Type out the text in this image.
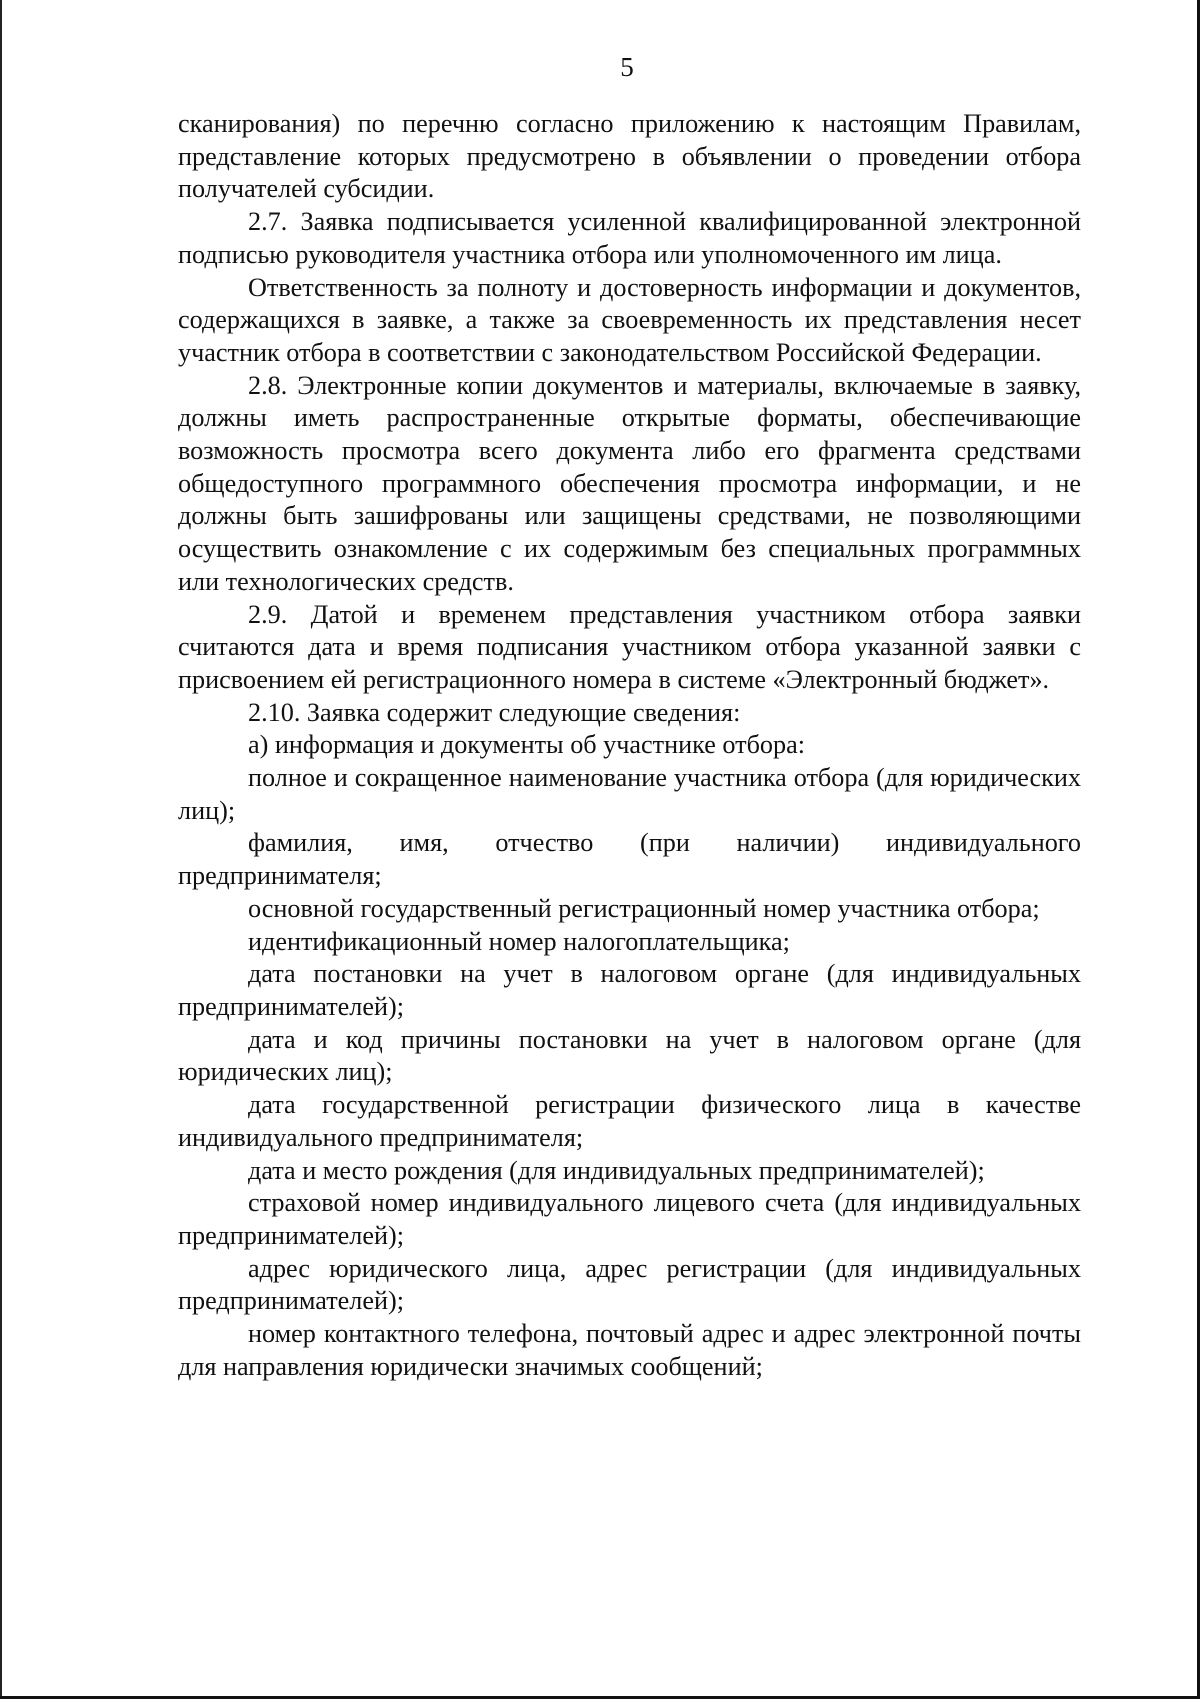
5

сканирования) по перечню согласно приложению к настоящим Правилам, представление которых предусмотрено в объявлении о проведении отбора получателей субсидии.

2.7. Заявка подписывается усиленной квалифицированной электронной подписью руководителя участника отбора или уполномоченного им лица.

Ответственность за полноту и достоверность информации и документов, содержащихся в заявке, а также за своевременность их представления несет участник отбора в соответствии с законодательством Российской Федерации.

2.8. Электронные копии документов и материалы, включаемые в заявку, должны иметь распространенные открытые форматы, обеспечивающие возможность просмотра всего документа либо его фрагмента средствами общедоступного программного обеспечения просмотра информации, и не должны быть зашифрованы или защищены средствами, не позволяющими осуществить ознакомление с их содержимым без специальных программных или технологических средств.

2.9. Датой и временем представления участником отбора заявки считаются дата и время подписания участником отбора указанной заявки с присвоением ей регистрационного номера в системе «Электронный бюджет».

2.10. Заявка содержит следующие сведения:

а) информация и документы об участнике отбора:

полное и сокращенное наименование участника отбора (для юридических лиц);

фамилия, имя, отчество (при наличии) индивидуального предпринимателя;

основной государственный регистрационный номер участника отбора;

идентификационный номер налогоплательщика;

дата постановки на учет в налоговом органе (для индивидуальных предпринимателей);

дата и код причины постановки на учет в налоговом органе (для юридических лиц);

дата государственной регистрации физического лица в качестве индивидуального предпринимателя;

дата и место рождения (для индивидуальных предпринимателей);

страховой номер индивидуального лицевого счета (для индивидуальных предпринимателей);

адрес юридического лица, адрес регистрации (для индивидуальных предпринимателей);

номер контактного телефона, почтовый адрес и адрес электронной почты для направления юридически значимых сообщений;
